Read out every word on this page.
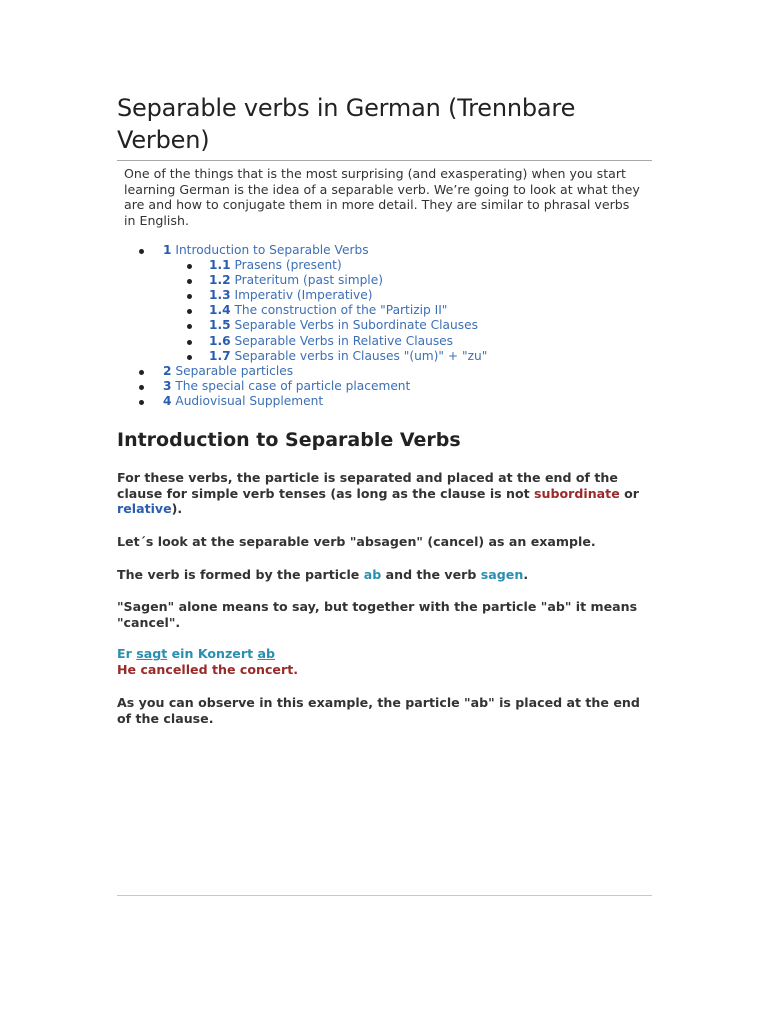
Separable verbs in German (Trennbare Verben)

One of the things that is the most surprising (and exasperating) when you start learning German is the idea of a separable verb. We’re going to look at what they are and how to conjugate them in more detail. They are similar to phrasal verbs in English.

1 Introduction to Separable Verbs
1.1 Prasens (present)
1.2 Prateritum (past simple)
1.3 Imperativ (Imperative)
1.4 The construction of the "Partizip II"
1.5 Separable Verbs in Subordinate Clauses
1.6 Separable Verbs in Relative Clauses
1.7 Separable verbs in Clauses "(um)" + "zu"
2 Separable particles
3 The special case of particle placement
4 Audiovisual Supplement
Introduction to Separable Verbs

For these verbs, the particle is separated and placed at the end of the clause for simple verb tenses (as long as the clause is not subordinate or relative).

Let´s look at the separable verb "absagen" (cancel) as an example.

The verb is formed by the particle ab and the verb sagen.

"Sagen" alone means to say, but together with the particle "ab" it means "cancel".

Er sagt ein Konzert ab

He cancelled the concert.

As you can observe in this example, the particle "ab" is placed at the end of the clause.
